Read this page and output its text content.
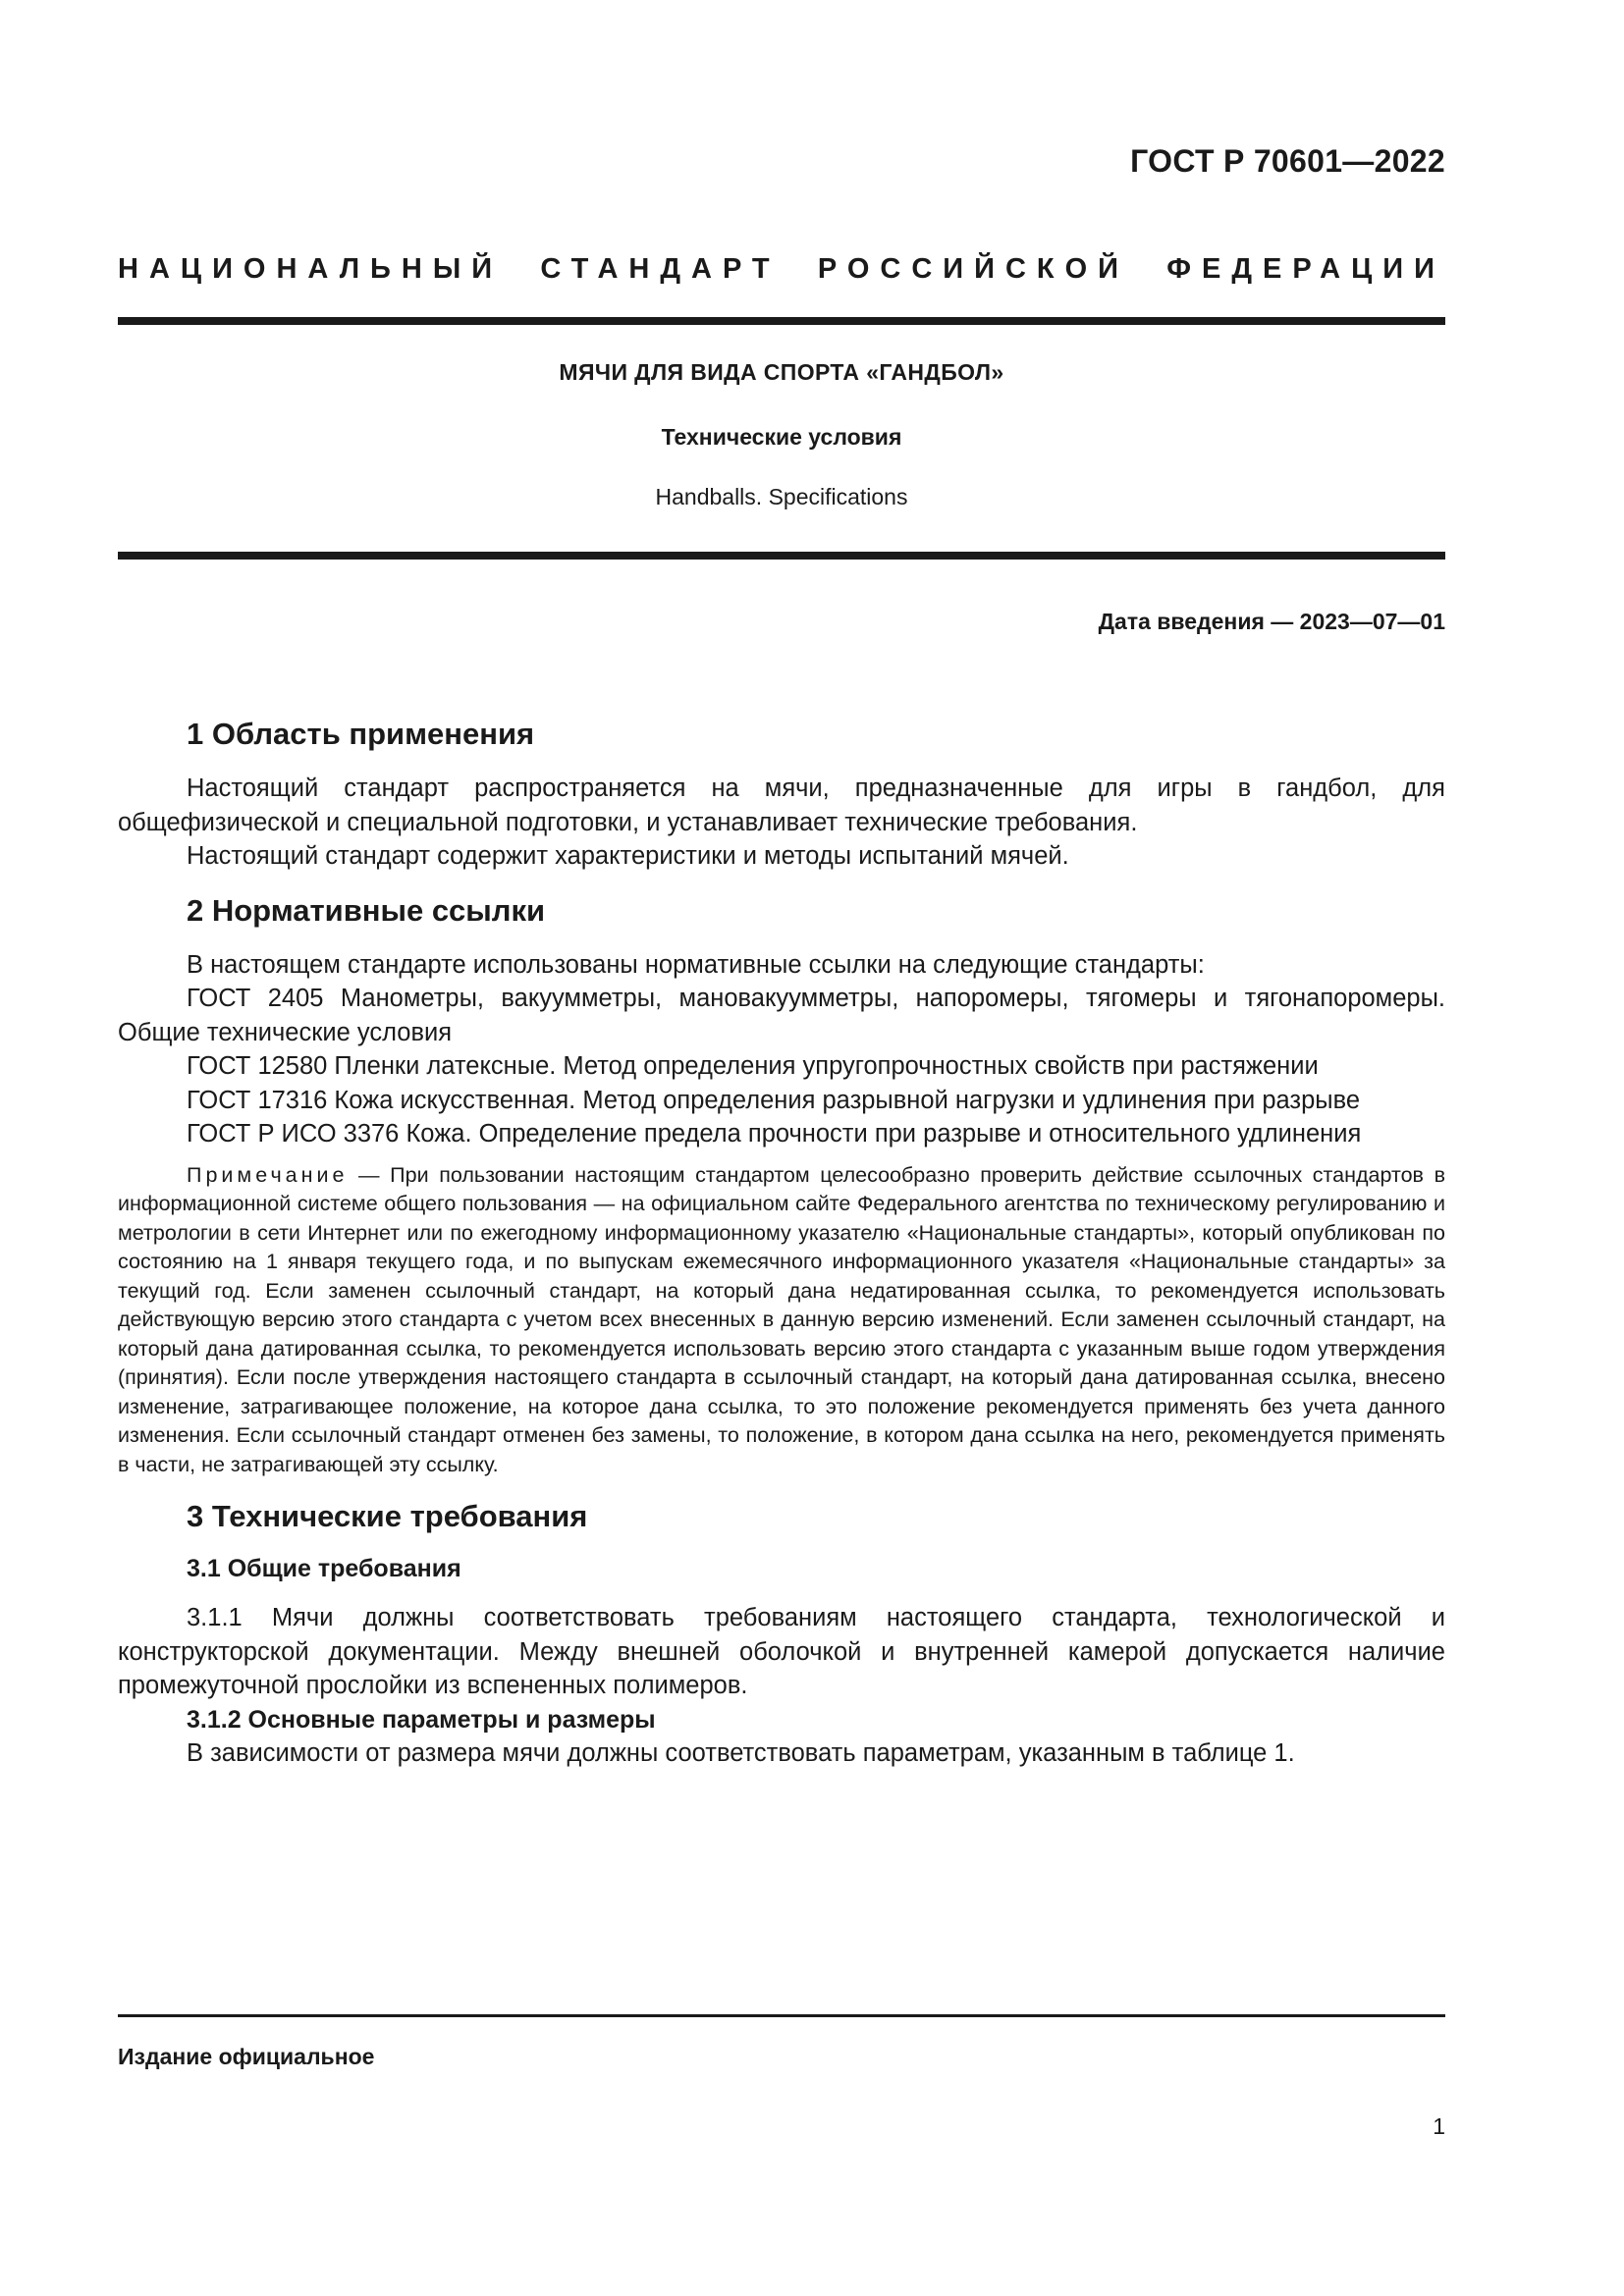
ГОСТ Р 70601—2022
НАЦИОНАЛЬНЫЙ СТАНДАРТ РОССИЙСКОЙ ФЕДЕРАЦИИ
МЯЧИ ДЛЯ ВИДА СПОРТА «ГАНДБОЛ»
Технические условия
Handballs. Specifications
Дата введения — 2023—07—01
1 Область применения

Настоящий стандарт распространяется на мячи, предназначенные для игры в гандбол, для общефизической и специальной подготовки, и устанавливает технические требования.

Настоящий стандарт содержит характеристики и методы испытаний мячей.

2 Нормативные ссылки

В настоящем стандарте использованы нормативные ссылки на следующие стандарты:

ГОСТ 2405 Манометры, вакуумметры, мановакуумметры, напоромеры, тягомеры и тягонапоромеры. Общие технические условия

ГОСТ 12580 Пленки латексные. Метод определения упругопрочностных свойств при растяжении

ГОСТ 17316 Кожа искусственная. Метод определения разрывной нагрузки и удлинения при разрыве

ГОСТ Р ИСО 3376 Кожа. Определение предела прочности при разрыве и относительного удлинения

Примечание — При пользовании настоящим стандартом целесообразно проверить действие ссылочных стандартов в информационной системе общего пользования — на официальном сайте Федерального агентства по техническому регулированию и метрологии в сети Интернет или по ежегодному информационному указателю «Национальные стандарты», который опубликован по состоянию на 1 января текущего года, и по выпускам ежемесячного информационного указателя «Национальные стандарты» за текущий год. Если заменен ссылочный стандарт, на который дана недатированная ссылка, то рекомендуется использовать действующую версию этого стандарта с учетом всех внесенных в данную версию изменений. Если заменен ссылочный стандарт, на который дана датированная ссылка, то рекомендуется использовать версию этого стандарта с указанным выше годом утверждения (принятия). Если после утверждения настоящего стандарта в ссылочный стандарт, на который дана датированная ссылка, внесено изменение, затрагивающее положение, на которое дана ссылка, то это положение рекомендуется применять без учета данного изменения. Если ссылочный стандарт отменен без замены, то положение, в котором дана ссылка на него, рекомендуется применять в части, не затрагивающей эту ссылку.

3 Технические требования
3.1 Общие требования

3.1.1 Мячи должны соответствовать требованиям настоящего стандарта, технологической и конструкторской документации. Между внешней оболочкой и внутренней камерой допускается наличие промежуточной прослойки из вспененных полимеров.

3.1.2 Основные параметры и размеры

В зависимости от размера мячи должны соответствовать параметрам, указанным в таблице 1.

Издание официальное
1
